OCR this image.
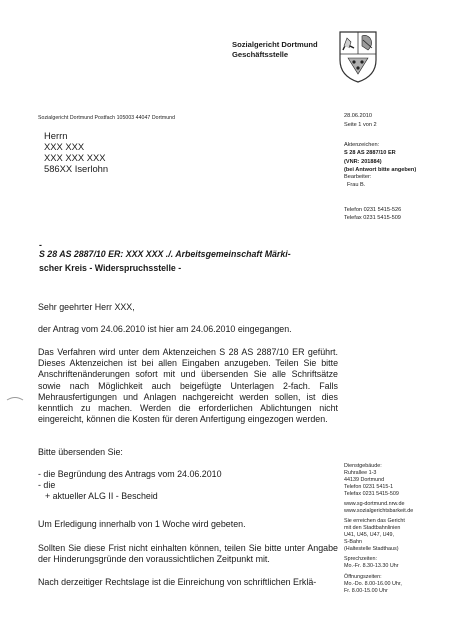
Sozialgericht Dortmund
Geschäftsstelle
Sozialgericht Dortmund Postfach 105003 44047 Dortmund
Herrn
XXX XXX
XXX XXX XXX
586XX Iserlohn
28.06.2010
Seite 1 von 2
Aktenzeichen:
S 28 AS 2887/10 ER
(VNR: 201884)
(bei Antwort bitte angeben)
Bearbeiter:
Frau B.
Telefon 0231 5415-526
Telefax 0231 5415-509
-
S 28 AS 2887/10 ER: XXX XXX ./. Arbeitsgemeinschaft Märki-
scher Kreis - Widerspruchsstelle -
Sehr geehrter Herr XXX,
der Antrag vom 24.06.2010 ist hier am 24.06.2010 eingegangen.
Das Verfahren wird unter dem Aktenzeichen S 28 AS 2887/10 ER geführt. Dieses Aktenzeichen ist bei allen Eingaben anzugeben. Teilen Sie bitte Anschriftenänderungen sofort mit und übersenden Sie alle Schriftsätze sowie nach Möglichkeit auch beigefügte Unterlagen 2-fach. Falls Mehrausfertigungen und Anlagen nachgereicht werden sollen, ist dies kenntlich zu machen. Werden die erforderlichen Ablichtungen nicht eingereicht, können die Kosten für deren Anfertigung eingezogen werden.
Bitte übersenden Sie:
- die Begründung des Antrags vom 24.06.2010
- die
+ aktueller ALG II - Bescheid
Um Erledigung innerhalb von 1 Woche wird gebeten.
Sollten Sie diese Frist nicht einhalten können, teilen Sie bitte unter Angabe der Hinderungsgründe den voraussichtlichen Zeitpunkt mit.
Nach derzeitiger Rechtslage ist die Einreichung von schriftlichen Erklä-
Dienstgebäude:
Ruhrallee 1-3
44139 Dortmund
Telefon 0231 5415-1
Telefax 0231 5415-509
www.sg-dortmund.nrw.de
www.sozialgerichtsbarkeit.de
Sie erreichen das Gericht
mit den Stadtbahnlinien
U41, U45, U47, U49,
S-Bahn
(Haltestelle Stadthaus)
Sprechzeiten:
Mo.-Fr. 8.30-13.30 Uhr
Öffnungszeiten:
Mo.-Do. 8.00-16.00 Uhr,
Fr. 8.00-15.00 Uhr
